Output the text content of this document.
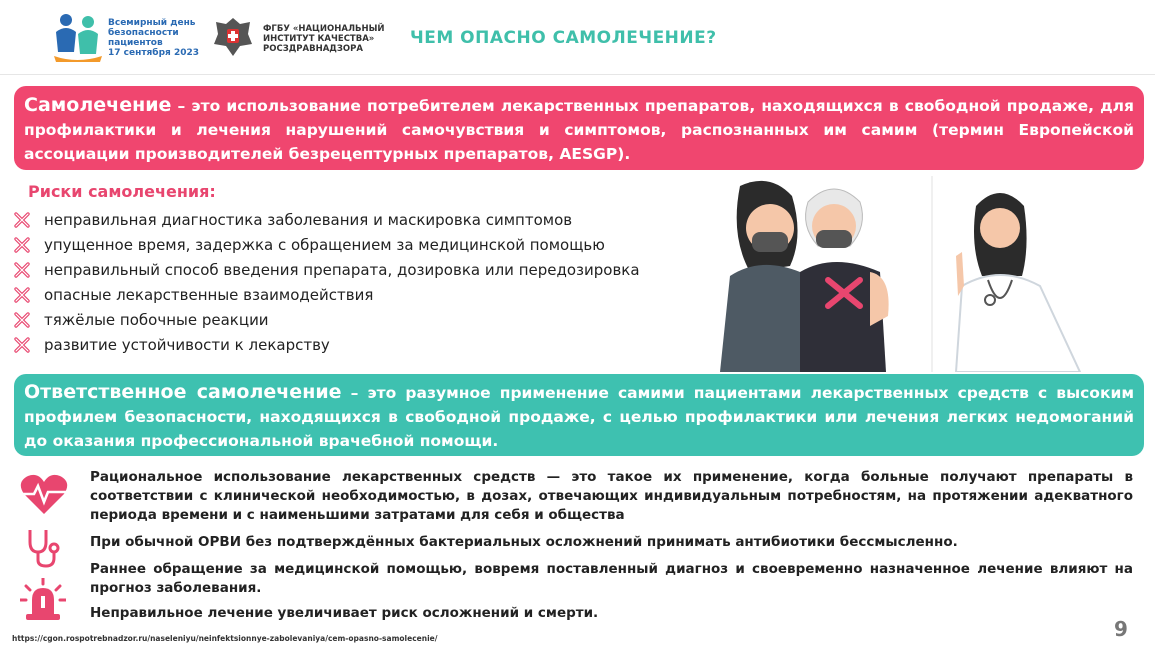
Всемирный день
безопасности
пациентов
17 сентября 2023
ФГБУ «НАЦИОНАЛЬНЫЙ
ИНСТИТУТ КАЧЕСТВА»
РОСЗДРАВНАДЗОРА
ЧЕМ ОПАСНО САМОЛЕЧЕНИЕ?
Самолечение – это использование потребителем лекарственных препаратов, находящихся в свободной продаже, для профилактики и лечения нарушений самочувствия и симптомов, распознанных им самим (термин Европейской ассоциации производителей безрецептурных препаратов, AESGP).
Риски самолечения:
неправильная диагностика заболевания и маскировка симптомов
упущенное время, задержка с обращением за медицинской помощью
неправильный способ введения препарата, дозировка или передозировка
опасные лекарственные взаимодействия
тяжёлые побочные реакции
развитие устойчивости к лекарству
Ответственное самолечение – это разумное применение самими пациентами лекарственных средств с высоким профилем безопасности, находящихся в свободной продаже, с целью профилактики или лечения легких недомоганий до оказания профессиональной врачебной помощи.
Рациональное использование лекарственных средств — это такое их применение, когда больные получают препараты в соответствии с клинической необходимостью, в дозах, отвечающих индивидуальным потребностям, на протяжении адекватного периода времени и с наименьшими затратами для себя и общества
При обычной ОРВИ без подтверждённых бактериальных осложнений принимать антибиотики бессмысленно.
Раннее обращение за медицинской помощью, вовремя поставленный диагноз и своевременно назначенное лечение влияют на прогноз заболевания.
Неправильное лечение увеличивает риск осложнений и смерти.
https://cgon.rospotrebnadzor.ru/naseleniyu/neinfektsionnye-zabolevaniya/cem-opasno-samolecenie/	9
